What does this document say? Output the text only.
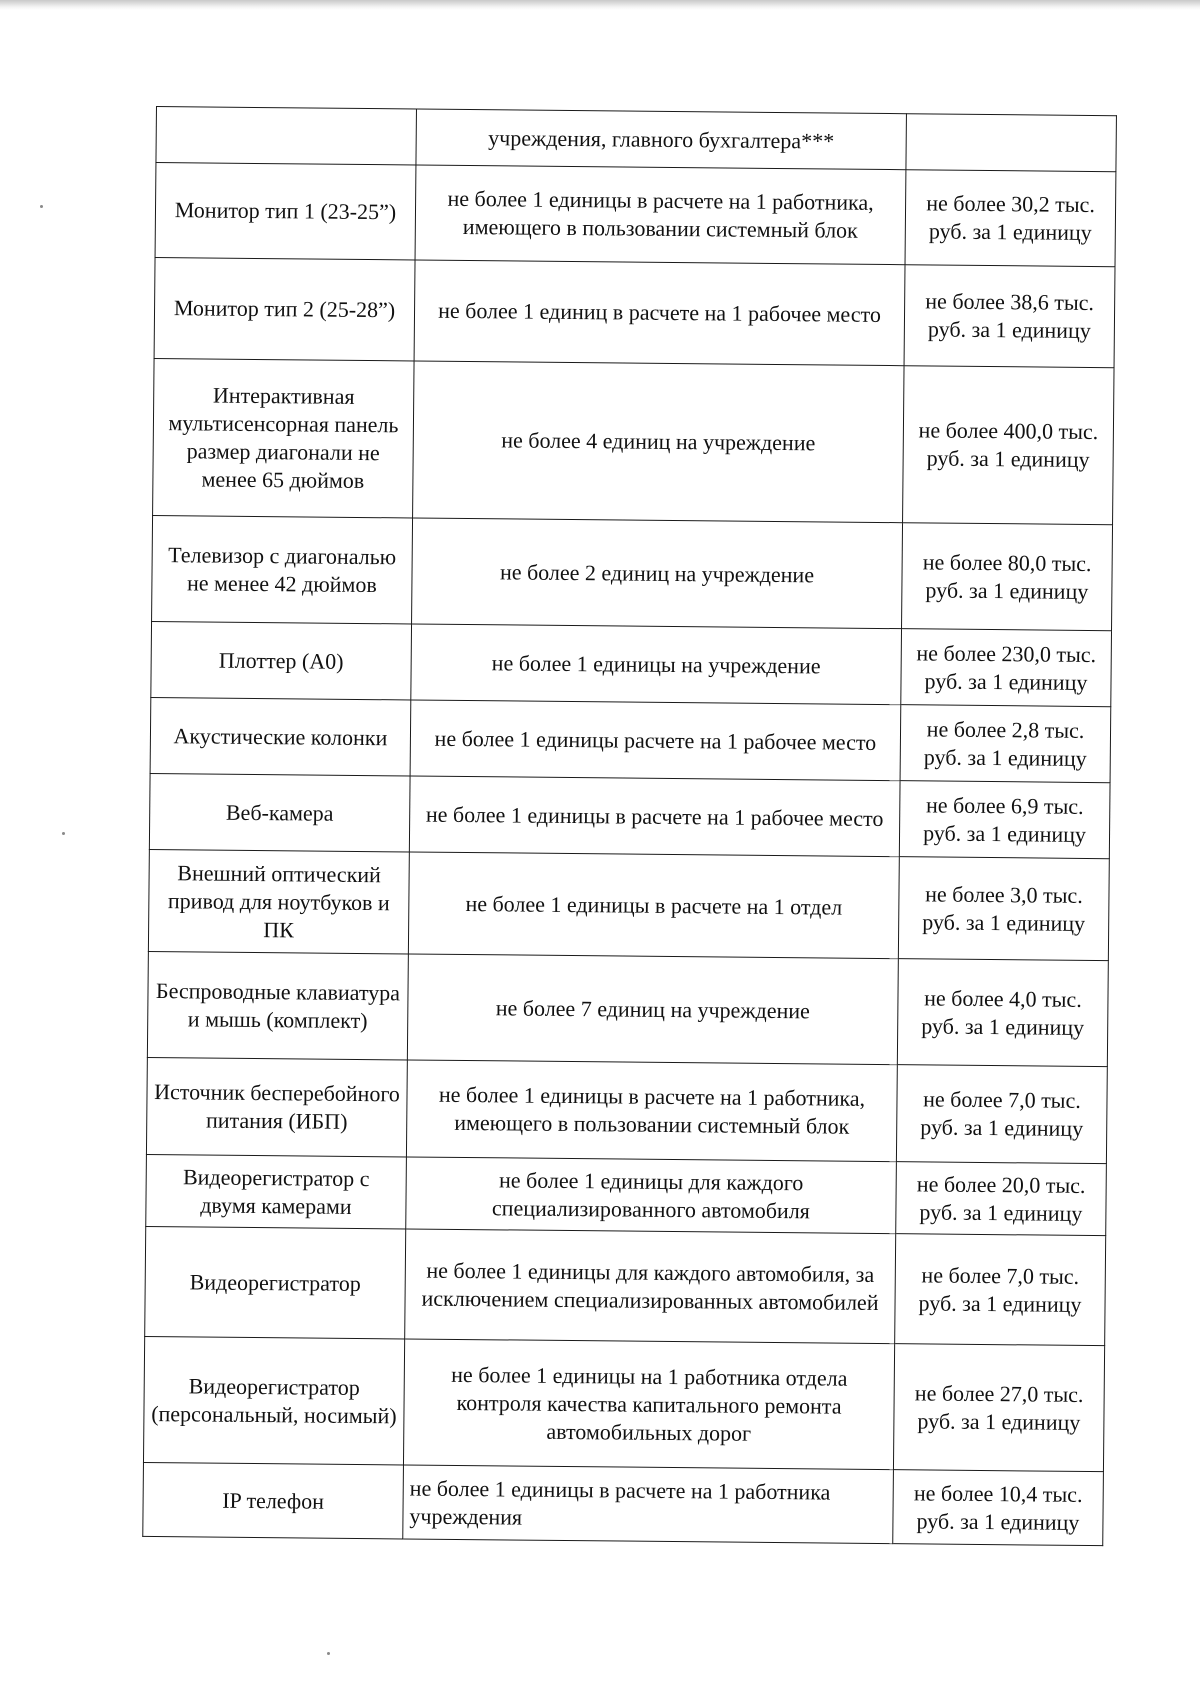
	учреждения, главного бухгалтера***	
Монитор тип 1 (23-25”)	не более 1 единицы в расчете на 1 работника, имеющего в пользовании системный блок	не более 30,2 тыс. руб. за 1 единицу
Монитор тип 2 (25-28”)	не более 1 единиц в расчете на 1 рабочее место	не более 38,6 тыс. руб. за 1 единицу
Интерактивная мультисенсорная панель размер диагонали не менее 65 дюймов	не более 4 единиц на учреждение	не более 400,0 тыс. руб. за 1 единицу
Телевизор с диагональю не менее 42 дюймов	не более 2 единиц на учреждение	не более 80,0 тыс. руб. за 1 единицу
Плоттер (А0)	не более 1 единицы на учреждение	не более 230,0 тыс. руб. за 1 единицу
Акустические колонки	не более 1 единицы расчете на 1 рабочее место	не более 2,8 тыс. руб. за 1 единицу
Веб-камера	не более 1 единицы в расчете на 1 рабочее место	не более 6,9 тыс. руб. за 1 единицу
Внешний оптический привод для ноутбуков и ПК	не более 1 единицы в расчете на 1 отдел	не более 3,0 тыс. руб. за 1 единицу
Беспроводные клавиатура и мышь (комплект)	не более 7 единиц на учреждение	не более 4,0 тыс. руб. за 1 единицу
Источник бесперебойного питания (ИБП)	не более 1 единицы в расчете на 1 работника, имеющего в пользовании системный блок	не более 7,0 тыс. руб. за 1 единицу
Видеорегистратор с двумя камерами	не более 1 единицы для каждого специализированного автомобиля	не более 20,0 тыс. руб. за 1 единицу
Видеорегистратор	не более 1 единицы для каждого автомобиля, за исключением специализированных автомобилей	не более 7,0 тыс. руб. за 1 единицу
Видеорегистратор (персональный, носимый)	не более 1 единицы на 1 работника отдела контроля качества капитального ремонта автомобильных дорог	не более 27,0 тыс. руб. за 1 единицу
IP телефон	не более 1 единицы в расчете на 1 работника учреждения	не более 10,4 тыс. руб. за 1 единицу
